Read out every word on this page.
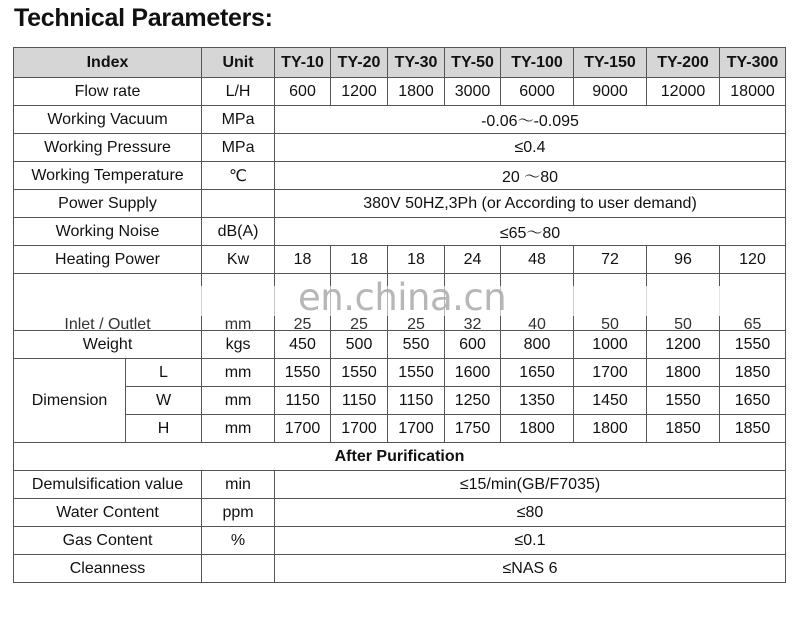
Technical Parameters:
Index		Unit	TY-10	TY-20	TY-30	TY-50	TY-100	TY-150	TY-200	TY-300
Flow rate		L/H	600	1200	1800	3000	6000	9000	12000	18000
Working Vacuum		MPa	-0.06～-0.095							
Working Pressure		MPa	≤0.4							
Working Temperature		℃	20 ～80							
Power Supply			380V 50HZ,3Ph (or According to user demand)							
Working Noise		dB(A)	≤65～80							
Heating Power		Kw	18	18	18	24	48	72	96	120
Inlet / Outlet		mm	25	25	25	32	40	50	50	65
Weight		kgs	450	500	550	600	800	1000	1200	1550
Dimension	L	mm	1550	1550	1550	1600	1650	1700	1800	1850
	W	mm	1150	1150	1150	1250	1350	1450	1550	1650
	H	mm	1700	1700	1700	1750	1800	1800	1850	1850
After Purification										
Demulsification value		min	≤15/min(GB/F7035)							
Water Content		ppm	≤80							
Gas Content		%	≤0.1							
Cleanness			≤NAS 6							
en.china.cn
